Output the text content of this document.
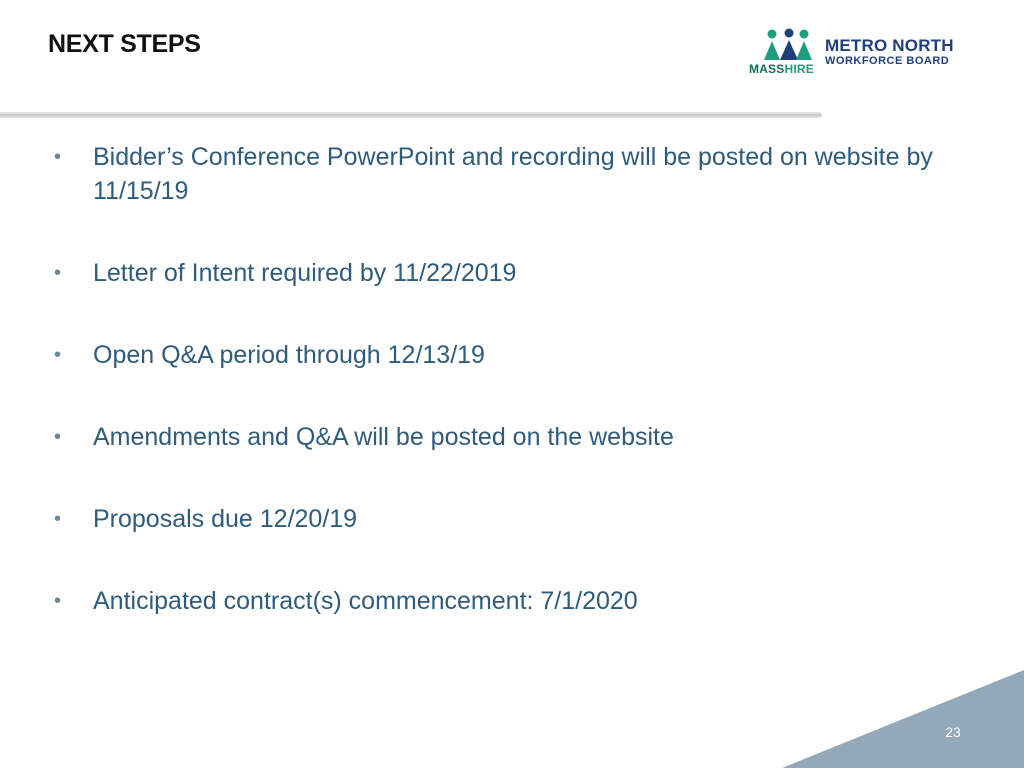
NEXT STEPS
MASSHIRE
METRO NORTH
WORKFORCE BOARD
• Bidder’s Conference PowerPoint and recording will be posted on website by 11/15/19
• Letter of Intent required by 11/22/2019
• Open Q&A period through 12/13/19
• Amendments and Q&A will be posted on the website
• Proposals due 12/20/19
• Anticipated contract(s) commencement: 7/1/2020
23
